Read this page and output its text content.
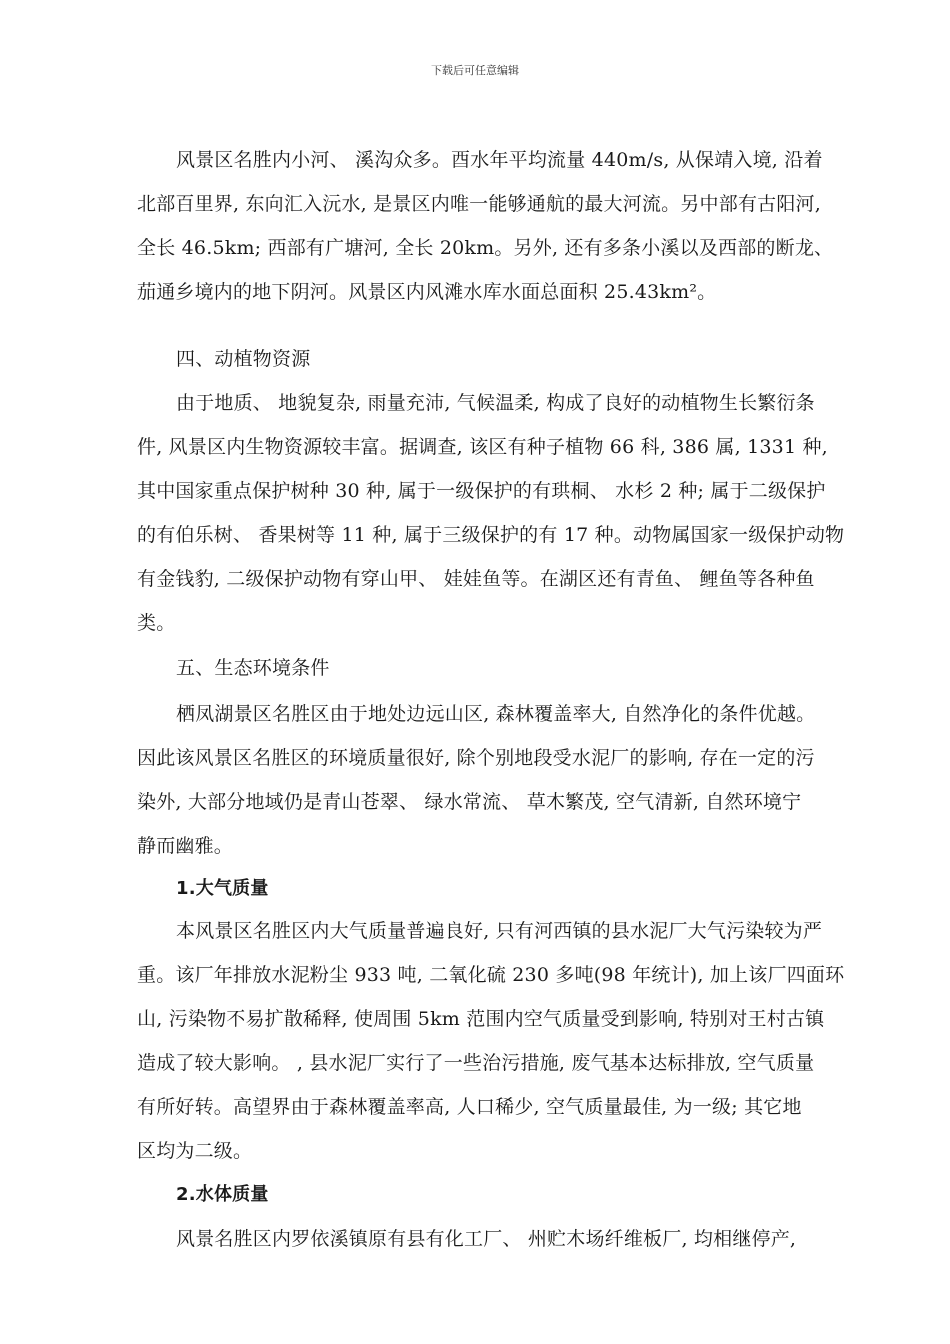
下载后可任意编辑
风景区名胜内小河、 溪沟众多。酉水年平均流量 440m/s, 从保靖入境, 沿着
北部百里界, 东向汇入沅水, 是景区内唯一能够通航的最大河流。另中部有古阳河,
全长 46.5km; 西部有广塘河, 全长 20km。另外, 还有多条小溪以及西部的断龙、
茄通乡境内的地下阴河。风景区内风滩水库水面总面积 25.43km²。
四、动植物资源
由于地质、 地貌复杂, 雨量充沛, 气候温柔, 构成了良好的动植物生长繁衍条
件, 风景区内生物资源较丰富。据调查, 该区有种子植物 66 科, 386 属, 1331 种,
其中国家重点保护树种 30 种, 属于一级保护的有珙桐、 水杉 2 种; 属于二级保护
的有伯乐树、 香果树等 11 种, 属于三级保护的有 17 种。动物属国家一级保护动物
有金钱豹, 二级保护动物有穿山甲、 娃娃鱼等。在湖区还有青鱼、 鲤鱼等各种鱼
类。
五、生态环境条件
栖凤湖景区名胜区由于地处边远山区, 森林覆盖率大, 自然净化的条件优越。
因此该风景区名胜区的环境质量很好, 除个别地段受水泥厂的影响, 存在一定的污
染外, 大部分地域仍是青山苍翠、 绿水常流、 草木繁茂, 空气清新, 自然环境宁
静而幽雅。
1.大气质量
本风景区名胜区内大气质量普遍良好, 只有河西镇的县水泥厂大气污染较为严
重。该厂年排放水泥粉尘 933 吨, 二氧化硫 230 多吨(98 年统计), 加上该厂四面环
山, 污染物不易扩散稀释, 使周围 5km 范围内空气质量受到影响, 特别对王村古镇
造成了较大影响。 , 县水泥厂实行了一些治污措施, 废气基本达标排放, 空气质量
有所好转。高望界由于森林覆盖率高, 人口稀少, 空气质量最佳, 为一级; 其它地
区均为二级。
2.水体质量
风景名胜区内罗依溪镇原有县有化工厂、 州贮木场纤维板厂, 均相继停产,
